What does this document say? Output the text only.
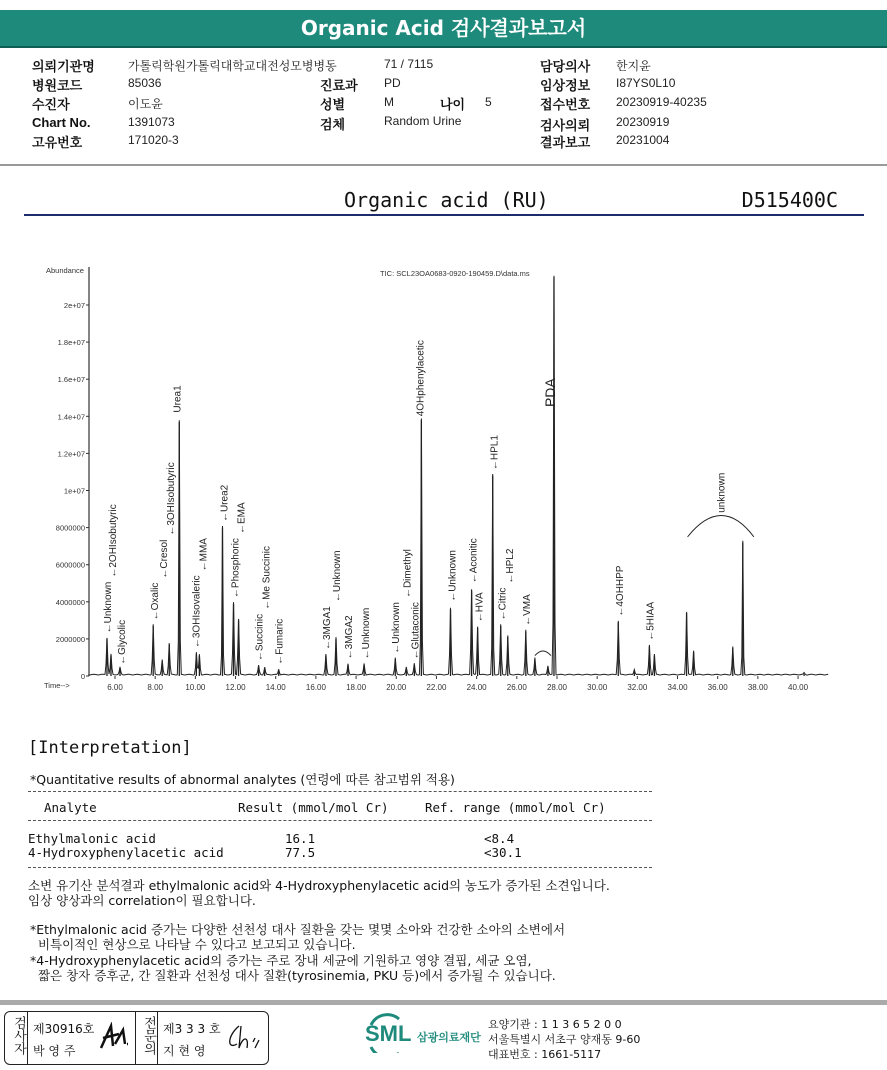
Organic Acid 검사결과보고서
의뢰기관명	가톨릭학원가톨릭대학교대전성모병병동	71 / 7115	담당의사 한지윤
병원코드	85036	진료과 PD	임상정보 I87YS0L10
수진자	이도윤	성별	M	나이 5	접수번호 20230919-40235
Chart No.	1391073	검체	Random Urine	검사의뢰 20230919
고유번호	171020-3	결과보고 20231004
Organic acid (RU)	D515400C
Abundance
Time-->
TIC: SCL23OA0683-0920-190459.D\data.ms
0
2000000
4000000
6000000
8000000
1e+07
1.2e+07
1.4e+07
1.6e+07
1.8e+07
2e+07
6.00	8.00	10.00	12.00	14.00	16.00	18.00	20.00	22.00	24.00	26.00	28.00	30.00	32.00	34.00	36.00	38.00	40.00
←Unknown
←2OHIsobutyric
←Glycolic
←Oxalic
←Cresol
←3OHIsobutyric
Urea1
←3OHIsovaleric
←MMA
←Urea2
←Phosphoric
←EMA
←Succinic
←Me Succinic
←Fumaric	←3MGA1
←Unknown
←3MGA2 ←Unknown ←Unknown
←Dimethyl
←Glutaconic
4OHphenylacetic
←Unknown ←Aconitic
←HVA
←HPL1
←Citric
←HPL2
←VMA
PDA
←4OHHPP
←5HIAA
unknown
[Interpretation]
*Quantitative results of abnormal analytes (연령에 따른 참고범위 적용)
Analyte	Result (mmol/mol Cr)	Ref. range (mmol/mol Cr)
Ethylmalonic acid	16.1	<8.4
4-Hydroxyphenylacetic acid	77.5	<30.1
소변 유기산 분석결과 ethylmalonic acid와 4-Hydroxyphenylacetic acid의 농도가 증가된 소견입니다.
임상 양상과의 correlation이 필요합니다.
*Ethylmalonic acid 증가는 다양한 선천성 대사 질환을 갖는 몇몇 소아와 건강한 소아의 소변에서
비특이적인 현상으로 나타날 수 있다고 보고되고 있습니다.
*4-Hydroxyphenylacetic acid의 증가는 주로 장내 세균에 기원하고 영양 결핍, 세균 오염,
짧은 창자 증후군, 간 질환과 선천성 대사 질환(tyrosinemia, PKU 등)에서 증가될 수 있습니다.
검사자 제30916호
박 영 주	전문의 제3 3 3 호
지 현 영
SML 삼광의료재단
요양기관 : 1 1 3 6 5 2 0 0
서울특별시 서초구 양재동 9-60
대표번호 : 1661-5117
